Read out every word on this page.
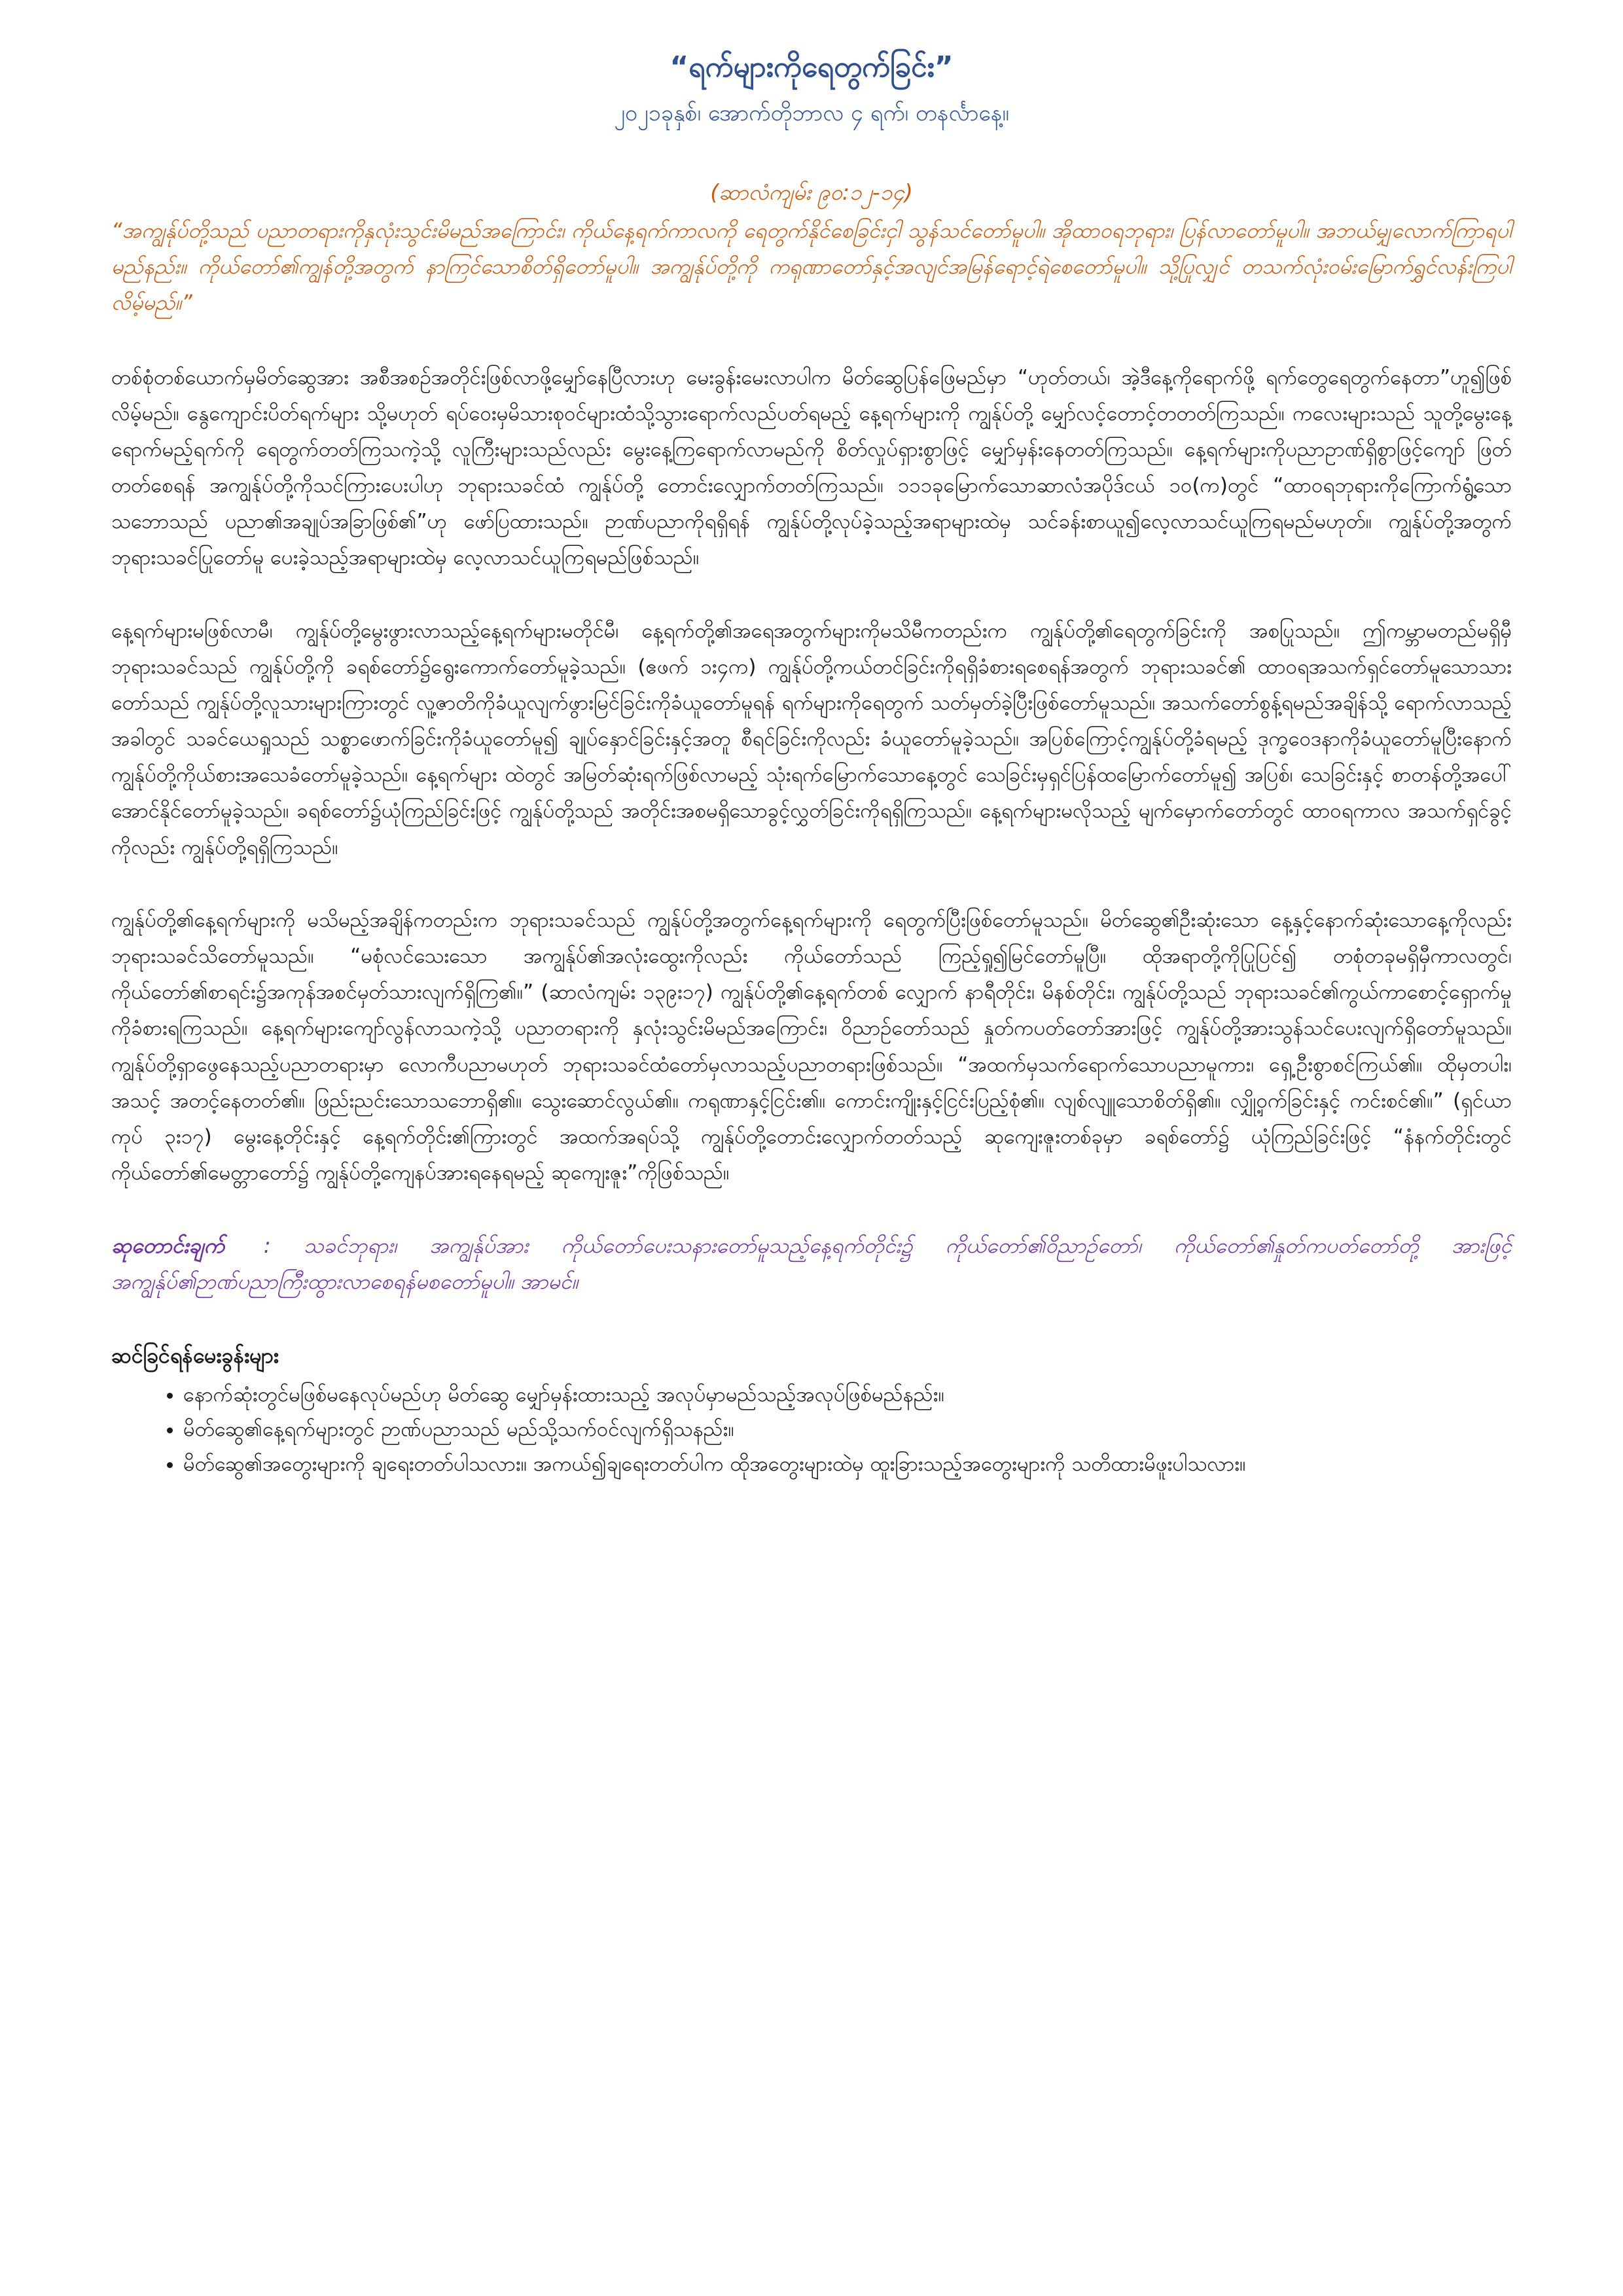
“ရက်များကိုရေတွက်ခြင်း”
၂၀၂၁ခုနှစ်၊ အောက်တိုဘာလ ၄ ရက်၊ တနင်္လာနေ့။
(ဆာလံကျမ်း ၉၀:၁၂-၁၄)
“အကျွန်ုပ်တို့သည် ပညာတရားကိုနှလုံးသွင်းမိမည်အကြောင်း၊ ကိုယ်နေ့ရက်ကာလကို ရေတွက်နိုင်စေခြင်းငှါ သွန်သင်တော်မူပါ။ အိုထာဝရဘုရား၊ ပြန်လာတော်မူပါ။ အဘယ်မျှလောက်ကြာရပါမည်နည်း။ ကိုယ်တော်၏ကျွန်တို့အတွက် နာကြင်သောစိတ်ရှိတော်မူပါ။ အကျွန်ုပ်တို့ကို ကရုဏာတော်နှင့်အလျင်အမြန်ရောင့်ရဲစေတော်မူပါ။ သို့ပြုလျှင် တသက်လုံးဝမ်းမြောက်ရွှင်လန်းကြပါလိမ့်မည်။”

တစ်စုံတစ်ယောက်မှမိတ်ဆွေအား အစီအစဉ်အတိုင်းဖြစ်လာဖို့မျှော်နေပြီလားဟု မေးခွန်းမေးလာပါက မိတ်ဆွေပြန်ဖြေမည်မှာ “ဟုတ်တယ်၊ အဲ့ဒီနေ့ကိုရောက်ဖို့ ရက်တွေရေတွက်နေတာ”ဟူ၍ဖြစ်လိမ့်မည်။ နွေကျောင်းပိတ်ရက်များ သို့မဟုတ် ရပ်ဝေးမှမိသားစုဝင်များထံသို့သွားရောက်လည်ပတ်ရမည့် နေ့ရက်များကို ကျွန်ုပ်တို့ မျှော်လင့်တောင့်တတတ်ကြသည်။ ကလေးများသည် သူတို့မွေးနေ့ရောက်မည့်ရက်ကို ရေတွက်တတ်ကြသကဲ့သို့ လူကြီးများသည်လည်း မွေးနေ့ကြရောက်လာမည်ကို စိတ်လှုပ်ရှားစွာဖြင့် မျှော်မှန်းနေတတ်ကြသည်။ နေ့ရက်များကိုပညာဥာဏ်ရှိစွာဖြင့်ကျော် ဖြတ်တတ်စေရန် အကျွန်ုပ်တို့ကိုသင်ကြားပေးပါဟု ဘုရားသခင်ထံ ကျွန်ုပ်တို့ တောင်းလျှောက်တတ်ကြသည်။ ၁၁၁ခုမြောက်သောဆာလံအပိုဒ်ငယ် ၁၀(က)တွင် “ထာဝရဘုရားကိုကြောက်ရွံ့သောသဘောသည် ပညာ၏အချုပ်အခြာဖြစ်၏”ဟု ဖော်ပြထားသည်။ ဉာဏ်ပညာကိုရရှိရန် ကျွန်ုပ်တို့လုပ်ခဲ့သည့်အရာများထဲမှ သင်ခန်းစာယူ၍လေ့လာသင်ယူကြရမည်မဟုတ်။ ကျွန်ုပ်တို့အတွက် ဘုရားသခင်ပြုတော်မူ ပေးခဲ့သည့်အရာများထဲမှ လေ့လာသင်ယူကြရမည်ဖြစ်သည်။

နေ့ရက်များမဖြစ်လာမီ၊ ကျွန်ုပ်တို့မွေးဖွားလာသည့်နေ့ရက်များမတိုင်မီ၊ နေ့ရက်တို့၏အရေအတွက်များကိုမသိမီကတည်းက ကျွန်ုပ်တို့၏ရေတွက်ခြင်းကို အစပြုသည်။ ဤကမ္ဘာမတည်မရှိမှီ ဘုရားသခင်သည် ကျွန်ုပ်တို့ကို ခရစ်တော်၌ရွေးကောက်တော်မူခဲ့သည်။ (ဧဖက် ၁း၄က) ကျွန်ုပ်တို့ကယ်တင်ခြင်းကိုရရှိခံစားရစေရန်အတွက် ဘုရားသခင်၏ ထာဝရအသက်ရှင်တော်မူသောသားတော်သည် ကျွန်ုပ်တို့လူသားများကြားတွင် လူ့ဇာတိကိုခံယူလျက်ဖွားမြင်ခြင်းကိုခံယူတော်မူရန် ရက်များကိုရေတွက် သတ်မှတ်ခဲ့ပြီးဖြစ်တော်မူသည်။ အသက်တော်စွန့်ရမည်အချိန်သို့ ရောက်လာသည့်အခါတွင် သခင်ယေရှုသည် သစ္စာဖောက်ခြင်းကိုခံယူတော်မူ၍ ချုပ်နှောင်ခြင်းနှင့်အတူ စီရင်ခြင်းကိုလည်း ခံယူတော်မူခဲ့သည်။ အပြစ်ကြောင့်ကျွန်ုပ်တို့ခံရမည့် ဒုက္ခဝေဒနာကိုခံယူတော်မူပြီးနောက် ကျွန်ုပ်တို့ကိုယ်စားအသေခံတော်မူခဲ့သည်။ နေ့ရက်များ ထဲတွင် အမြတ်ဆုံးရက်ဖြစ်လာမည့် သုံးရက်မြောက်သောနေ့တွင် သေခြင်းမှရှင်ပြန်ထမြောက်တော်မူ၍ အပြစ်၊ သေခြင်းနှင့် စာတန်တို့အပေါ်အောင်နိုင်တော်မူခဲ့သည်။ ခရစ်တော်၌ယုံကြည်ခြင်းဖြင့် ကျွန်ုပ်တို့သည် အတိုင်းအစမရှိသောခွင့်လွှတ်ခြင်းကိုရရှိကြသည်။ နေ့ရက်များမလိုသည့် မျက်မှောက်တော်တွင် ထာဝရကာလ အသက်ရှင်ခွင့်ကိုလည်း ကျွန်ုပ်တို့ရရှိကြသည်။

ကျွန်ုပ်တို့၏နေ့ရက်များကို မသိမည့်အချိန်ကတည်းက ဘုရားသခင်သည် ကျွန်ုပ်တို့အတွက်နေ့ရက်များကို ရေတွက်ပြီးဖြစ်တော်မူသည်။ မိတ်ဆွေ၏ဦးဆုံးသော နေ့နှင့်နောက်ဆုံးသောနေ့ကိုလည်း ဘုရားသခင်သိတော်မူသည်။ “မစုံလင်သေးသော အကျွန်ုပ်၏အလုံးထွေးကိုလည်း ကိုယ်တော်သည် ကြည့်ရှု၍မြင်တော်မူပြီ။ ထိုအရာတို့ကိုပြုပြင်၍ တစုံတခုမရှိမှီကာလတွင်၊ ကိုယ်တော်၏စာရင်း၌အကုန်အစင်မှတ်သားလျက်ရှိကြ၏။” (ဆာလံကျမ်း ၁၃၉း၁၇) ကျွန်ုပ်တို့၏နေ့ရက်တစ် လျှောက် နာရီတိုင်း၊ မိနစ်တိုင်း၊ ကျွန်ုပ်တို့သည် ဘုရားသခင်၏ကွယ်ကာစောင့်ရှောက်မှုကိုခံစားရကြသည်။ နေ့ရက်များကျော်လွန်လာသကဲ့သို့ ပညာတရားကို နှလုံးသွင်းမိမည်အကြောင်း၊ ဝိညာဉ်တော်သည် နှုတ်ကပတ်တော်အားဖြင့် ကျွန်ုပ်တို့အားသွန်သင်ပေးလျက်ရှိတော်မူသည်။ ကျွန်ုပ်တို့ရှာဖွေနေသည့်ပညာတရားမှာ လောကီပညာမဟုတ် ဘုရားသခင်ထံတော်မှလာသည့်ပညာတရားဖြစ်သည်။ “အထက်မှသက်ရောက်သောပညာမူကား၊ ရှေ့ဦးစွာစင်ကြယ်၏။ ထိုမှတပါး၊ အသင့် အတင့်နေတတ်၏။ ဖြည်းညင်းသောသဘောရှိ၏။ သွေးဆောင်လွယ်၏။ ကရုဏာနှင့်ငြင်း၏။ ကောင်းကျိုးနှင့်ငြင်းပြည့်စုံ၏။ လျစ်လျူသောစိတ်ရှိ၏။ လျှို့ဝှက်ခြင်းနှင့် ကင်းစင်၏။” (ရှင်ယာကုပ် ၃း၁၇) မွေးနေ့တိုင်းနှင့် နေ့ရက်တိုင်း၏ကြားတွင် အထက်အရပ်သို့ ကျွန်ုပ်တို့တောင်းလျှောက်တတ်သည့် ဆုကျေးဇူးတစ်ခုမှာ ခရစ်တော်၌ ယုံကြည်ခြင်းဖြင့် “နံနက်တိုင်းတွင် ကိုယ်တော်၏မေတ္တာတော်၌ ကျွန်ုပ်တို့ကျေနပ်အားရနေရမည့် ဆုကျေးဇူး”ကိုဖြစ်သည်။

ဆုတောင်းချက် : သခင်ဘုရား၊ အကျွန်ုပ်အား ကိုယ်တော်ပေးသနားတော်မူသည့်နေ့ရက်တိုင်း၌ ကိုယ်တော်၏ဝိညာဉ်တော်၊ ကိုယ်တော်၏နှုတ်ကပတ်တော်တို့ အားဖြင့် အကျွန်ုပ်၏ဉာဏ်ပညာကြီးထွားလာစေရန်မစတော်မူပါ။ အာမင်။
ဆင်ခြင်ရန်မေးခွန်းများ
• နောက်ဆုံးတွင်မဖြစ်မနေလုပ်မည်ဟု မိတ်ဆွေ မျှော်မှန်းထားသည့် အလုပ်မှာမည်သည့်အလုပ်ဖြစ်မည်နည်း။
• မိတ်ဆွေ၏နေ့ရက်များတွင် ဉာဏ်ပညာသည် မည်သို့သက်ဝင်လျက်ရှိသနည်း။
• မိတ်ဆွေ၏အတွေးများကို ချရေးတတ်ပါသလား။ အကယ်၍ချရေးတတ်ပါက ထိုအတွေးများထဲမှ ထူးခြားသည့်အတွေးများကို သတိထားမိဖူးပါသလား။
